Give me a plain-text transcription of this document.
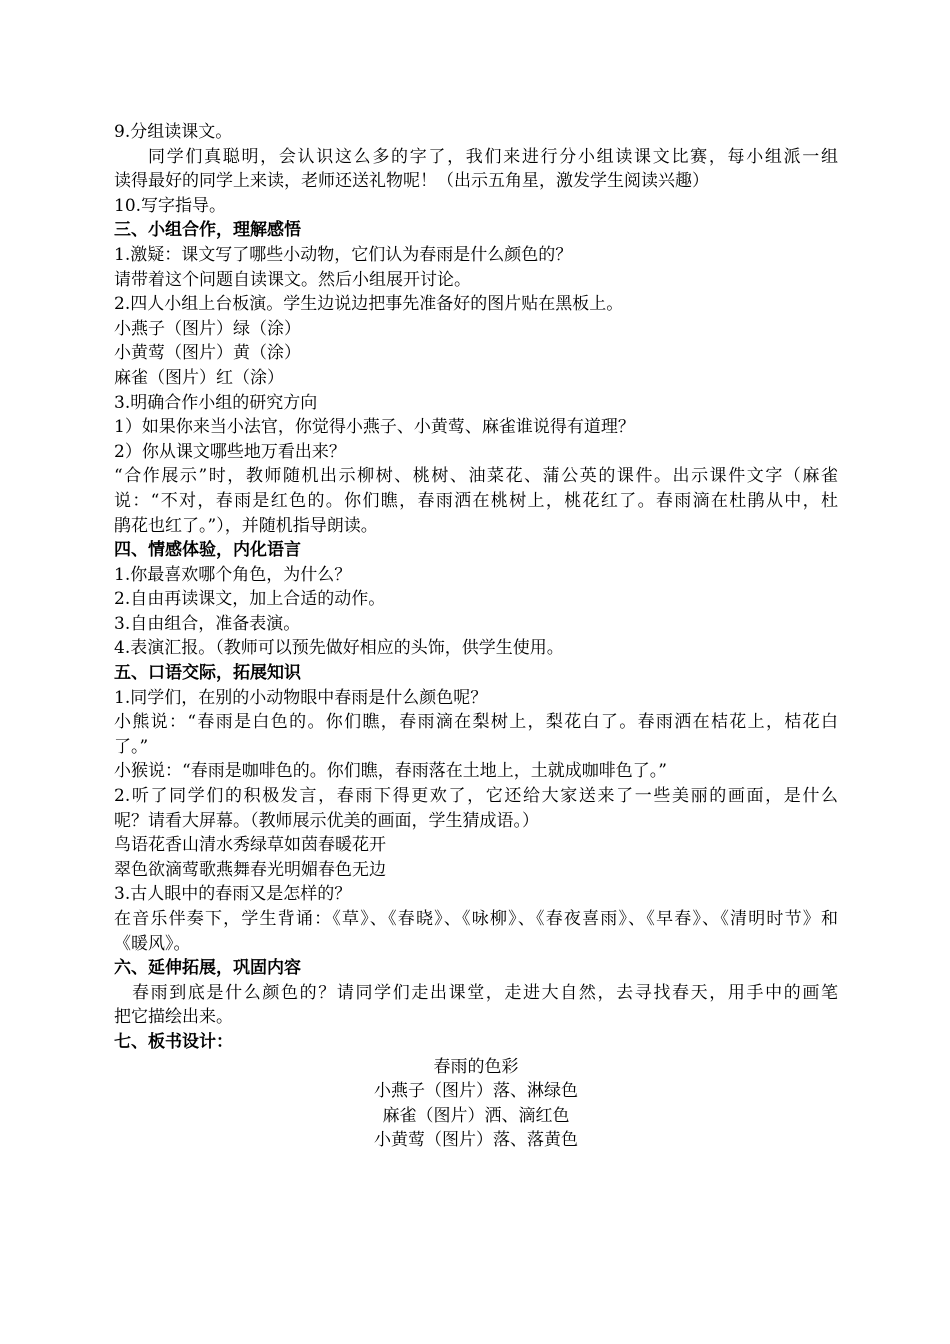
9.分组读课文。
同学们真聪明，会认识这么多的字了，我们来进行分小组读课文比赛，每小组派一组
读得最好的同学上来读，老师还送礼物呢！（出示五角星，激发学生阅读兴趣）
10.写字指导。
三、小组合作，理解感悟
1.激疑：课文写了哪些小动物，它们认为春雨是什么颜色的？
请带着这个问题自读课文。然后小组展开讨论。
2.四人小组上台板演。学生边说边把事先准备好的图片贴在黑板上。
小燕子（图片）绿（涂）
小黄莺（图片）黄（涂）
麻雀（图片）红（涂）
3.明确合作小组的研究方向
1）如果你来当小法官，你觉得小燕子、小黄莺、麻雀谁说得有道理？
2）你从课文哪些地万看出来？
“合作展示”时，教师随机出示柳树、桃树、油菜花、蒲公英的课件。出示课件文字（麻雀
说：“不对，春雨是红色的。你们瞧，春雨洒在桃树上，桃花红了。春雨滴在杜鹃从中，杜
鹃花也红了。”），并随机指导朗读。
四、情感体验，内化语言
1.你最喜欢哪个角色，为什么？
2.自由再读课文，加上合适的动作。
3.自由组合，准备表演。
4.表演汇报。（教师可以预先做好相应的头饰，供学生使用。
五、口语交际，拓展知识
1.同学们，在别的小动物眼中春雨是什么颜色呢？
小熊说：“春雨是白色的。你们瞧，春雨滴在梨树上，梨花白了。春雨洒在桔花上，桔花白
了。”
小猴说：“春雨是咖啡色的。你们瞧，春雨落在土地上，土就成咖啡色了。”
2.听了同学们的积极发言，春雨下得更欢了，它还给大家送来了一些美丽的画面，是什么
呢？请看大屏幕。（教师展示优美的画面，学生猜成语。）
鸟语花香山清水秀绿草如茵春暖花开
翠色欲滴莺歌燕舞春光明媚春色无边
3.古人眼中的春雨又是怎样的？
在音乐伴奏下，学生背诵：《草》、《春晓》、《咏柳》、《春夜喜雨》、《早春》、《清明时节》和
《暖风》。
六、延伸拓展，巩固内容
春雨到底是什么颜色的？请同学们走出课堂，走进大自然，去寻找春天，用手中的画笔
把它描绘出来。
七、板书设计：
春雨的色彩
小燕子（图片）落、淋绿色
麻雀（图片）洒、滴红色
小黄莺（图片）落、落黄色
